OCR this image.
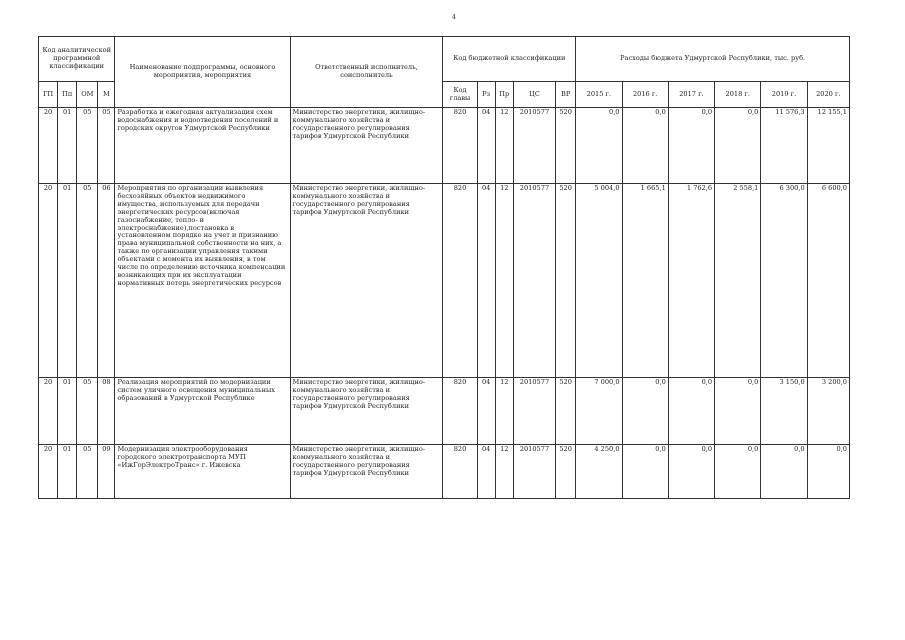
4
Код аналитической программной классификации				Наименование подпрограммы, основного мероприятия, мероприятия	Ответственный исполнитель, соисполнитель	Код бюджетной классификации					Расходы бюджета Удмуртской Республики, тыс. руб.					
ГП	Пп	ОМ	М			Код главы	Рз	Пр	ЦС	ВР	2015 г.	2016 г.	2017 г.	2018 г.	2019 г.	2020 г.
20	01	05	05	Разработка и ежегодная актуализация схем водоснабжения и водоотведения поселений и городских округов Удмуртской Республики	Министерство энергетики, жилищно-коммунального хозяйства и государственного регулирования тарифов Удмуртской Республики	820	04	12	2010577	520	0,0	0,0	0,0	0,0	11 576,3	12 155,1
20	01	05	06	Мероприятия по организации выявления бесхозяйных объектов недвижимого имущества, используемых для передачи энергетических ресурсов(включая газоснабжение, тепло- и электроснабжение),постановка в установленном порядке на учет и признанию права муниципальной собственности на них, а также по организации управления такими объектами с момента их выявления, в том числе по определению источника компенсации возникающих при их эксплуатации нормативных потерь энергетических ресурсов	Министерство энергетики, жилищно-коммунального хозяйства и государственного регулирования тарифов Удмуртской Республики	820	04	12	2010577	520	5 004,0	1 665,1	1 762,6	2 558,1	6 300,0	6 600,0
20	01	05	08	Реализация мероприятий по модернизации систем уличного освещения муниципальных образований в Удмуртской Республике	Министерство энергетики, жилищно-коммунального хозяйства и государственного регулирования тарифов Удмуртской Республики	820	04	12	2010577	520	7 000,0	0,0	0,0	0,0	3 150,0	3 200,0
20	01	05	09	Модернизация электрооборудования городского электротранспорта МУП «ИжГорЭлектроТранс» г. Ижевска	Министерство энергетики, жилищно-коммунального хозяйства и государственного регулирования тарифов Удмуртской Республики	820	04	12	2010577	520	4 250,0	0,0	0,0	0,0	0,0	0,0
